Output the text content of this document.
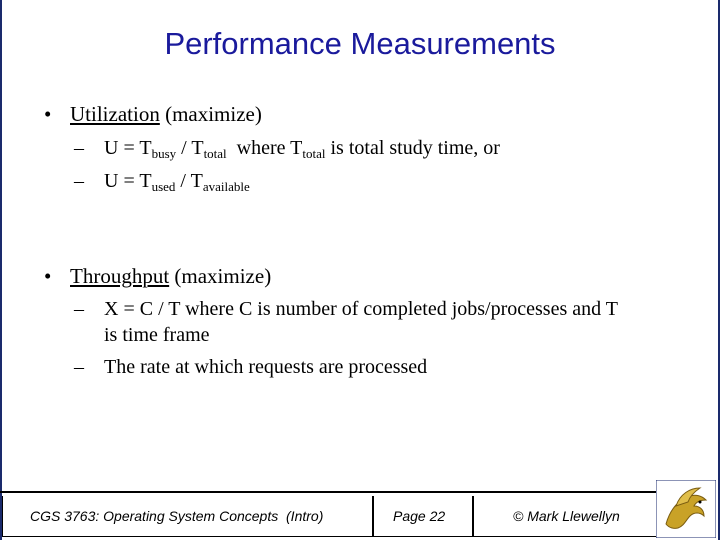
Performance Measurements
• Utilization (maximize)
– $U = T_{busy} / T_{total}$  where $T_{total}$ is total study time, or
– $U = T_{used} / T_{available}$
• Throughput (maximize)
– X = C / T where C is number of completed jobs/processes and T
is time frame
– The rate at which requests are processed
CGS 3763: Operating System Concepts  (Intro)	Page 22	© Mark Llewellyn
